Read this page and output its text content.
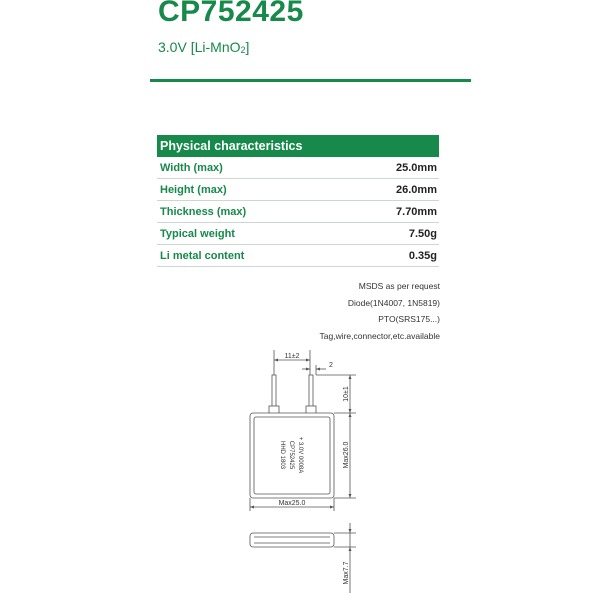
CP752425
3.0V [Li-MnO$_2$]
Physical characteristics	
Width (max)	25.0mm
Height (max)	26.0mm
Thickness (max)	7.70mm
Typical weight	7.50g
Li metal content	0.35g
MSDS as per request
Diode(1N4007, 1N5819)
PTO(SRS175...)
Tag,wire,connector,etc.available
11±2
2
+ 3.0V 0008A
CP752425
HHD 1803
10±1
Max26.0
Max25.0
Max7.7
